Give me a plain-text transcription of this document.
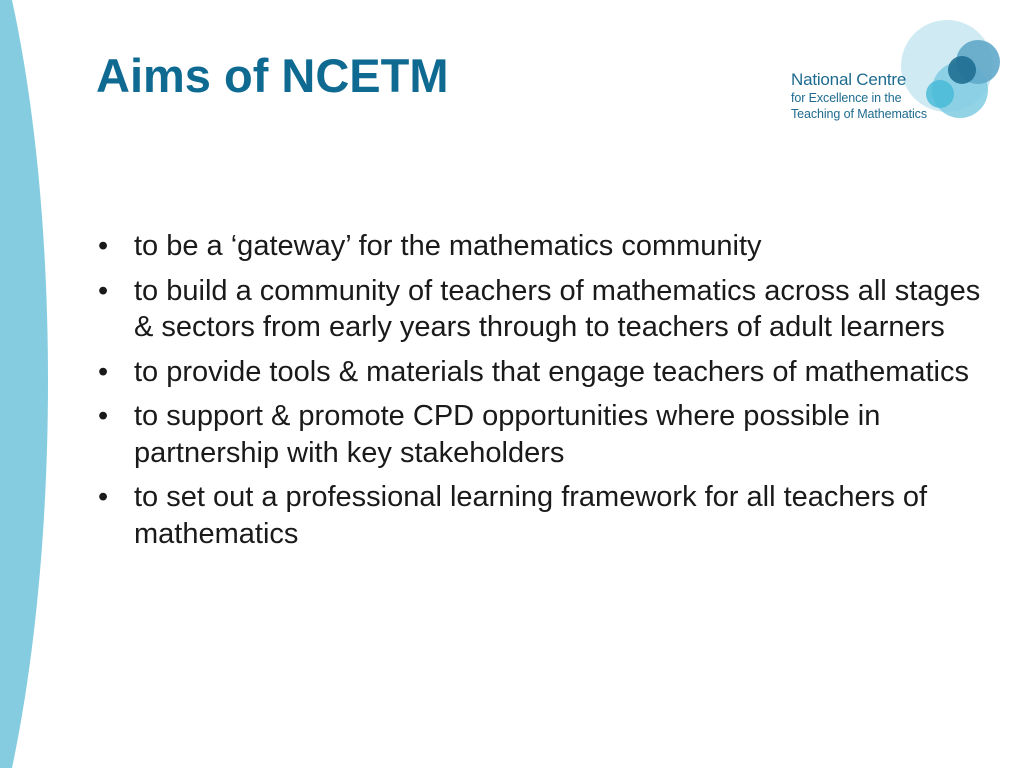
Aims of NCETM	National Centre
for Excellence in the
Teaching of Mathematics
• to be a ‘gateway’ for the mathematics community
• to build a community of teachers of mathematics across all stages & sectors from early years through to teachers of adult learners
• to provide tools & materials that engage teachers of mathematics
• to support & promote CPD opportunities where possible in partnership with key stakeholders
• to set out a professional learning framework for all teachers of mathematics
